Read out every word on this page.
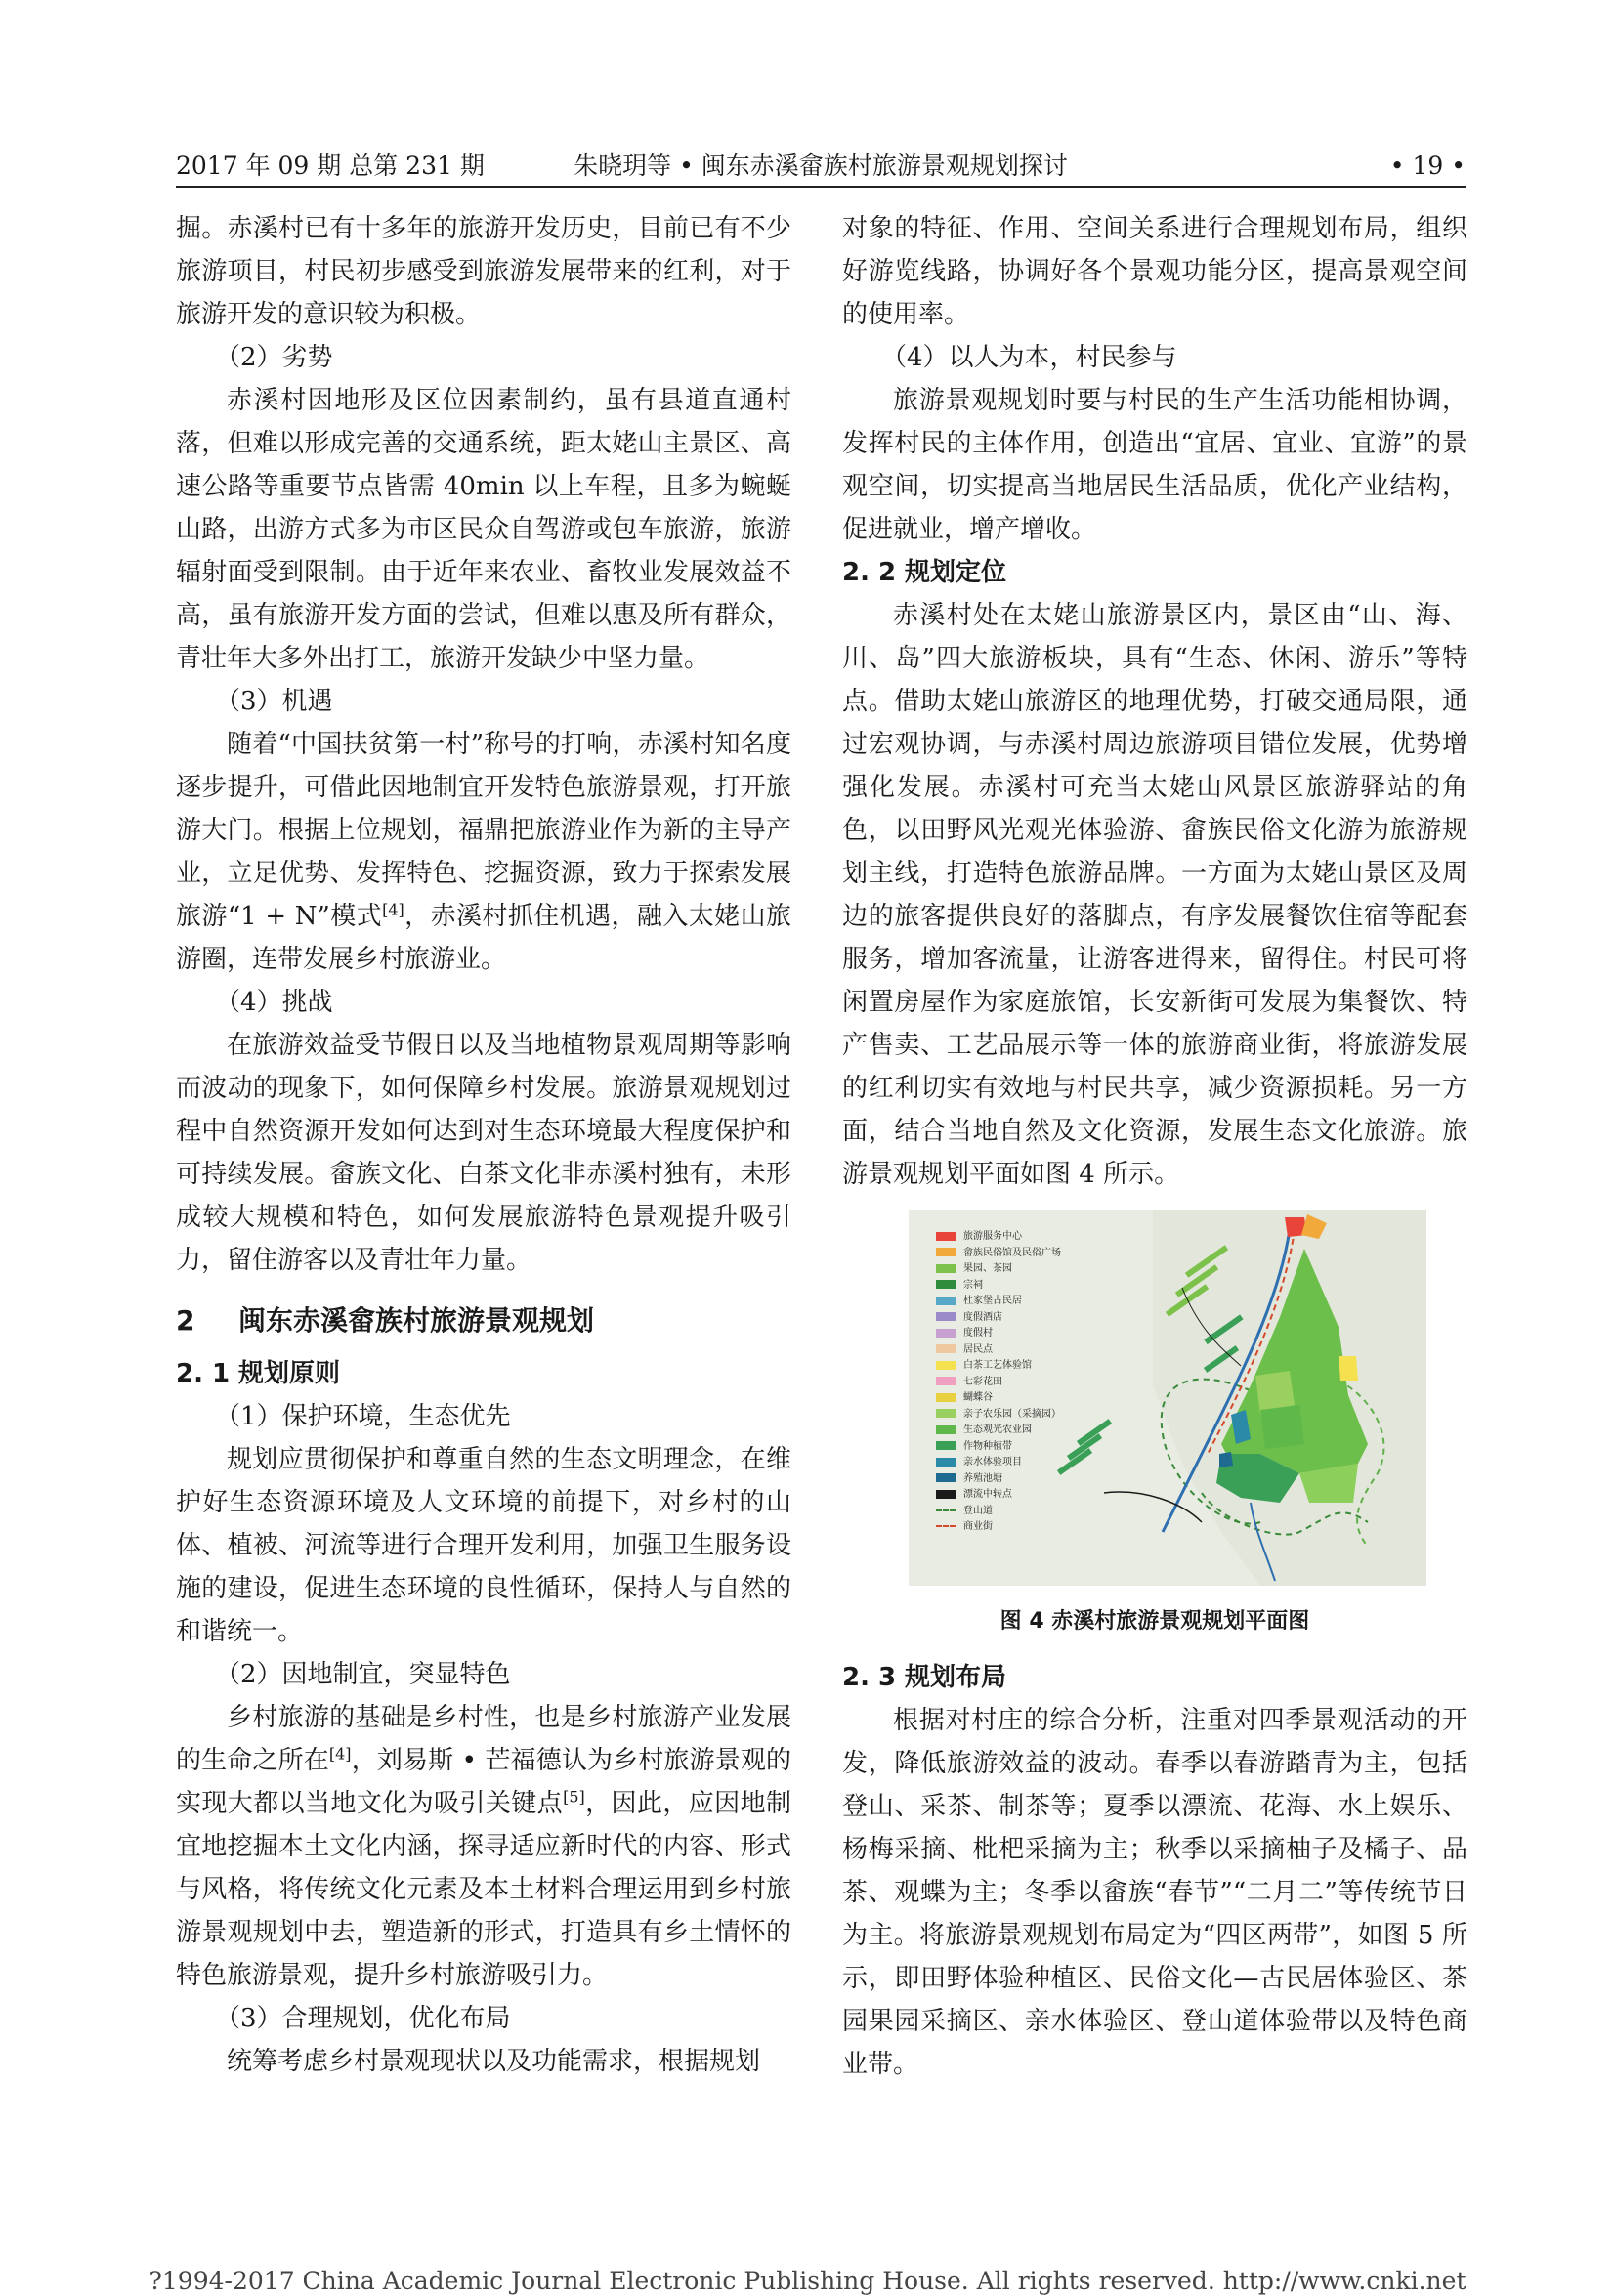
2017 年 09 期 总第 231 期	朱晓玥等 • 闽东赤溪畲族村旅游景观规划探讨	• 19 •

掘。赤溪村已有十多年的旅游开发历史，目前已有不少旅游项目，村民初步感受到旅游发展带来的红利，对于旅游开发的意识较为积极。

（2）劣势

赤溪村因地形及区位因素制约，虽有县道直通村落，但难以形成完善的交通系统，距太姥山主景区、高速公路等重要节点皆需 40min 以上车程，且多为蜿蜒山路，出游方式多为市区民众自驾游或包车旅游，旅游辐射面受到限制。由于近年来农业、畜牧业发展效益不高，虽有旅游开发方面的尝试，但难以惠及所有群众，青壮年大多外出打工，旅游开发缺少中坚力量。

（3）机遇

随着“中国扶贫第一村”称号的打响，赤溪村知名度逐步提升，可借此因地制宜开发特色旅游景观，打开旅游大门。根据上位规划，福鼎把旅游业作为新的主导产业，立足优势、发挥特色、挖掘资源，致力于探索发展旅游“1 + N”模式[4]，赤溪村抓住机遇，融入太姥山旅游圈，连带发展乡村旅游业。

（4）挑战

在旅游效益受节假日以及当地植物景观周期等影响而波动的现象下，如何保障乡村发展。旅游景观规划过程中自然资源开发如何达到对生态环境最大程度保护和可持续发展。畲族文化、白茶文化非赤溪村独有，未形成较大规模和特色，如何发展旅游特色景观提升吸引力，留住游客以及青壮年力量。

2 闽东赤溪畲族村旅游景观规划
2. 1 规划原则

（1）保护环境，生态优先

规划应贯彻保护和尊重自然的生态文明理念，在维护好生态资源环境及人文环境的前提下，对乡村的山体、植被、河流等进行合理开发利用，加强卫生服务设施的建设，促进生态环境的良性循环，保持人与自然的和谐统一。

（2）因地制宜，突显特色

乡村旅游的基础是乡村性，也是乡村旅游产业发展的生命之所在[4]，刘易斯 • 芒福德认为乡村旅游景观的实现大都以当地文化为吸引关键点[5]，因此，应因地制宜地挖掘本土文化内涵，探寻适应新时代的内容、形式与风格，将传统文化元素及本土材料合理运用到乡村旅游景观规划中去，塑造新的形式，打造具有乡土情怀的特色旅游景观，提升乡村旅游吸引力。

（3）合理规划，优化布局

统筹考虑乡村景观现状以及功能需求，根据规划

对象的特征、作用、空间关系进行合理规划布局，组织好游览线路，协调好各个景观功能分区，提高景观空间的使用率。

（4）以人为本，村民参与

旅游景观规划时要与村民的生产生活功能相协调，发挥村民的主体作用，创造出“宜居、宜业、宜游”的景观空间，切实提高当地居民生活品质，优化产业结构，促进就业，增产增收。

2. 2 规划定位

赤溪村处在太姥山旅游景区内，景区由“山、海、川、岛”四大旅游板块，具有“生态、休闲、游乐”等特点。借助太姥山旅游区的地理优势，打破交通局限，通过宏观协调，与赤溪村周边旅游项目错位发展，优势增强化发展。赤溪村可充当太姥山风景区旅游驿站的角色，以田野风光观光体验游、畲族民俗文化游为旅游规划主线，打造特色旅游品牌。一方面为太姥山景区及周边的旅客提供良好的落脚点，有序发展餐饮住宿等配套服务，增加客流量，让游客进得来，留得住。村民可将闲置房屋作为家庭旅馆，长安新街可发展为集餐饮、特产售卖、工艺品展示等一体的旅游商业街，将旅游发展的红利切实有效地与村民共享，减少资源损耗。另一方面，结合当地自然及文化资源，发展生态文化旅游。旅游景观规划平面如图 4 所示。

旅游服务中心
畲族民俗馆及民俗广场
果园、茶园
宗祠
杜家堡古民居
度假酒店
度假村
居民点
白茶工艺体验馆
七彩花田
蝴蝶谷
亲子农乐园（采摘园）
生态观光农业园
作物种植带
亲水体验项目
养殖池塘
漂流中转点
登山道
商业街
图 4 赤溪村旅游景观规划平面图
2. 3 规划布局

根据对村庄的综合分析，注重对四季景观活动的开发，降低旅游效益的波动。春季以春游踏青为主，包括登山、采茶、制茶等；夏季以漂流、花海、水上娱乐、杨梅采摘、枇杷采摘为主；秋季以采摘柚子及橘子、品茶、观蝶为主；冬季以畲族“春节”“二月二”等传统节日为主。将旅游景观规划布局定为“四区两带”，如图 5 所示，即田野体验种植区、民俗文化—古民居体验区、茶园果园采摘区、亲水体验区、登山道体验带以及特色商业带。

?1994-2017 China Academic Journal Electronic Publishing House. All rights reserved. http://www.cnki.net
